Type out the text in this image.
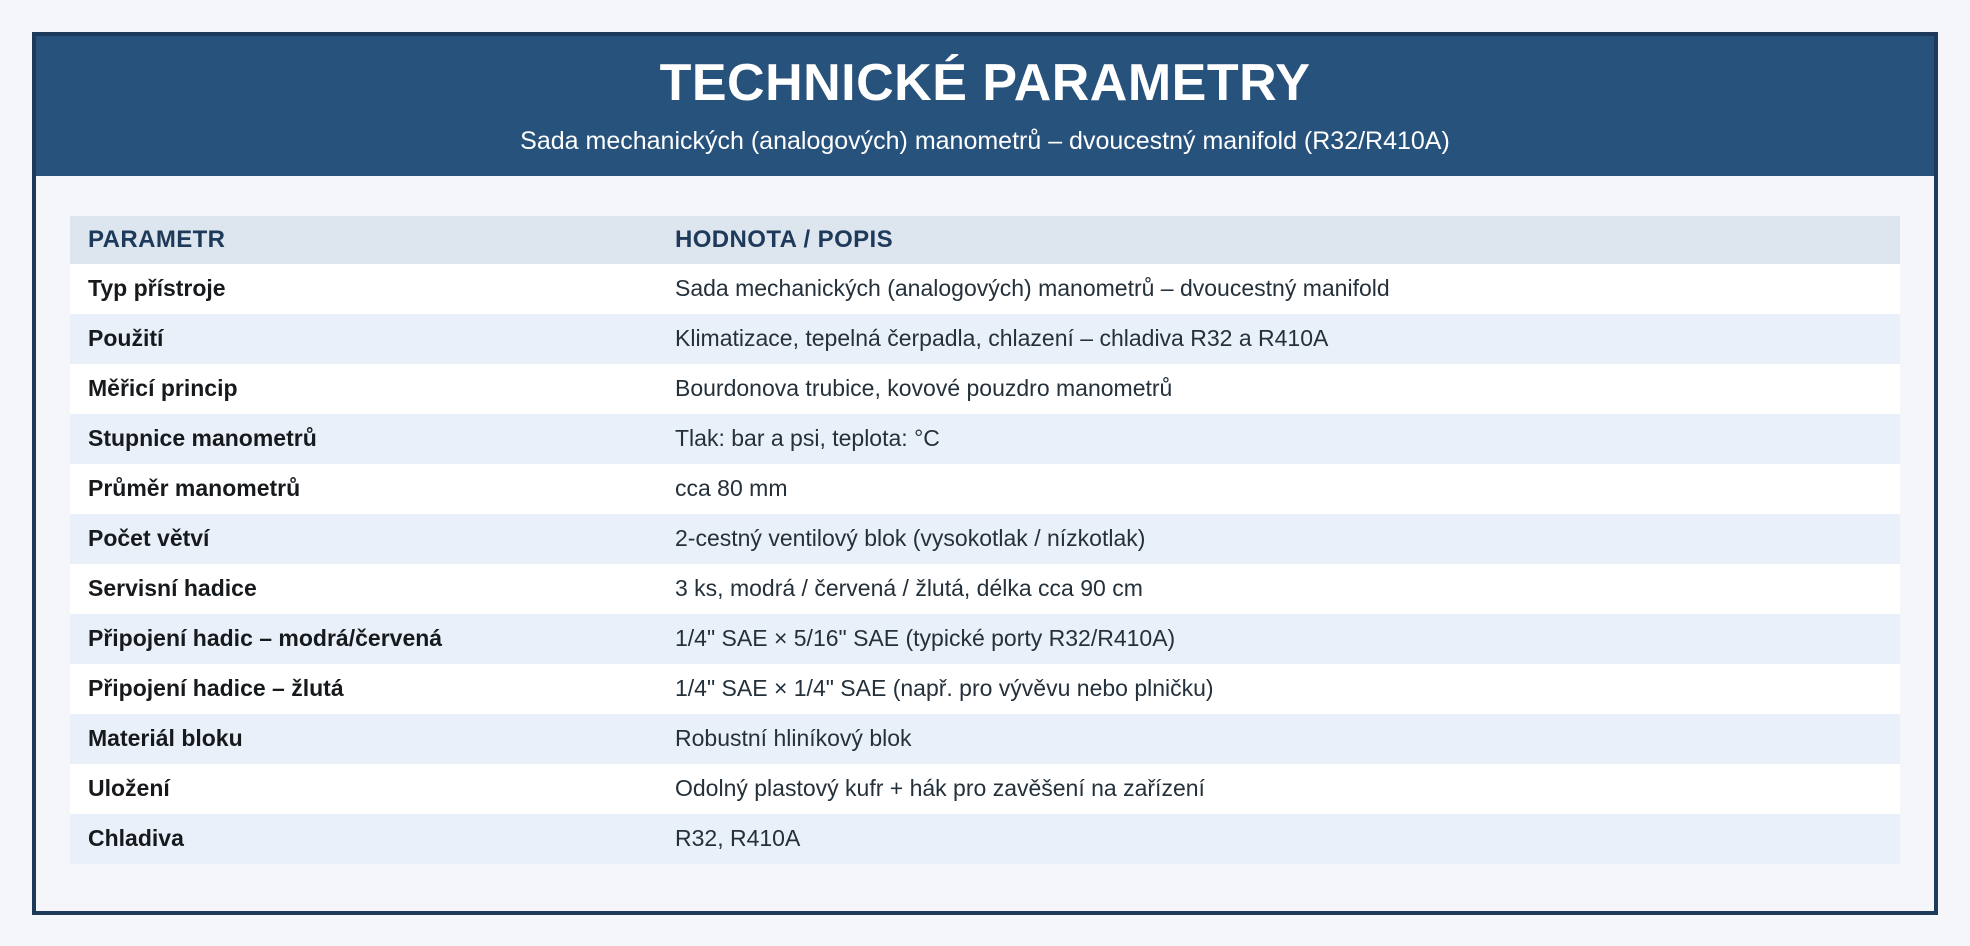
TECHNICKÉ PARAMETRY
Sada mechanických (analogových) manometrů – dvoucestný manifold (R32/R410A)
PARAMETR	HODNOTA / POPIS
Typ přístroje	Sada mechanických (analogových) manometrů – dvoucestný manifold
Použití	Klimatizace, tepelná čerpadla, chlazení – chladiva R32 a R410A
Měřicí princip	Bourdonova trubice, kovové pouzdro manometrů
Stupnice manometrů	Tlak: bar a psi, teplota: °C
Průměr manometrů	cca 80 mm
Počet větví	2-cestný ventilový blok (vysokotlak / nízkotlak)
Servisní hadice	3 ks, modrá / červená / žlutá, délka cca 90 cm
Připojení hadic – modrá/červená	1/4" SAE × 5/16" SAE (typické porty R32/R410A)
Připojení hadice – žlutá	1/4" SAE × 1/4" SAE (např. pro vývěvu nebo plničku)
Materiál bloku	Robustní hliníkový blok
Uložení	Odolný plastový kufr + hák pro zavěšení na zařízení
Chladiva	R32, R410A
